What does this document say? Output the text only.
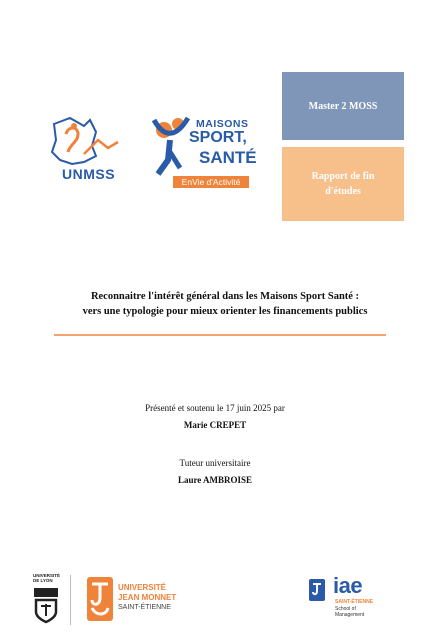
UNMSS
MAISONS
SPORT,
SANTÉ
EnVie d'Activité
Master 2 MOSS
Rapport de fin d'études
Reconnaitre l'intérêt général dans les Maisons Sport Santé :
vers une typologie pour mieux orienter les financements publics
Présenté et soutenu le 17 juin 2025 par
Marie CREPET
Tuteur universitaire
Laure AMBROISE
UNIVERSITÉ DE LYON
UNIVERSITÉ
JEAN MONNET
SAINT-ÉTIENNE
iae
SAINT-ÉTIENNE
School of Management
